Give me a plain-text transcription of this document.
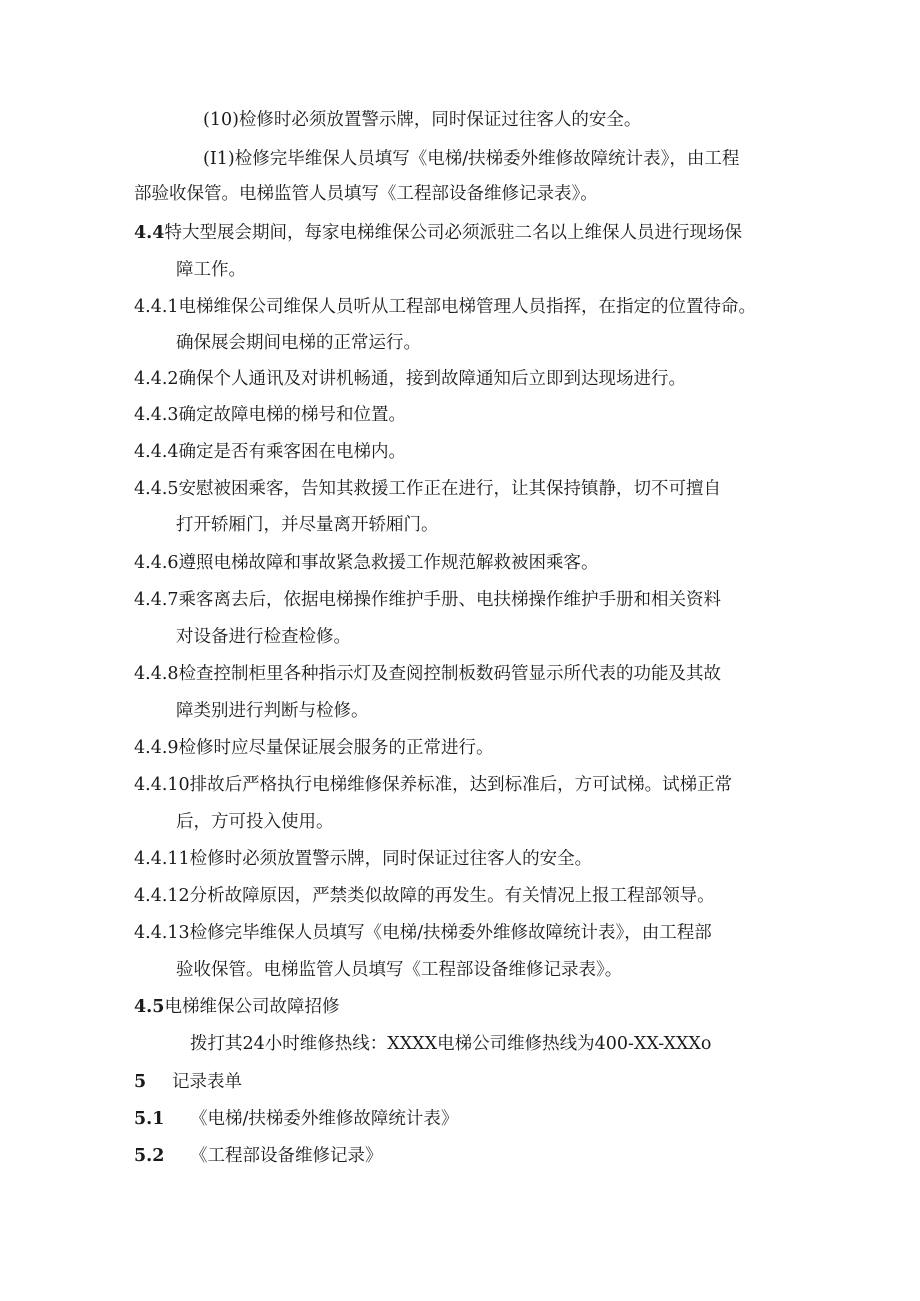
(10)检修时必须放置警示牌，同时保证过往客人的安全。
(I1)检修完毕维保人员填写《电梯/扶梯委外维修故障统计表》，由工程
部验收保管。电梯监管人员填写《工程部设备维修记录表》。
4.4特大型展会期间，每家电梯维保公司必须派驻二名以上维保人员进行现场保
障工作。
4.4.1电梯维保公司维保人员听从工程部电梯管理人员指挥，在指定的位置待命。
确保展会期间电梯的正常运行。
4.4.2确保个人通讯及对讲机畅通，接到故障通知后立即到达现场进行。
4.4.3确定故障电梯的梯号和位置。
4.4.4确定是否有乘客困在电梯内。
4.4.5安慰被困乘客，告知其救援工作正在进行，让其保持镇静，切不可擅自
打开轿厢门，并尽量离开轿厢门。
4.4.6遵照电梯故障和事故紧急救援工作规范解救被困乘客。
4.4.7乘客离去后，依据电梯操作维护手册、电扶梯操作维护手册和相关资料
对设备进行检查检修。
4.4.8检查控制柜里各种指示灯及查阅控制板数码管显示所代表的功能及其故
障类别进行判断与检修。
4.4.9检修时应尽量保证展会服务的正常进行。
4.4.10排故后严格执行电梯维修保养标准，达到标准后，方可试梯。试梯正常
后，方可投入使用。
4.4.11检修时必须放置警示牌，同时保证过往客人的安全。
4.4.12分析故障原因，严禁类似故障的再发生。有关情况上报工程部领导。
4.4.13检修完毕维保人员填写《电梯/扶梯委外维修故障统计表》，由工程部
验收保管。电梯监管人员填写《工程部设备维修记录表》。
4.5电梯维保公司故障招修
拨打其24小时维修热线：XXXX电梯公司维修热线为400-XX-XXXo
5 记录表单
5.1 《电梯/扶梯委外维修故障统计表》
5.2 《工程部设备维修记录》
